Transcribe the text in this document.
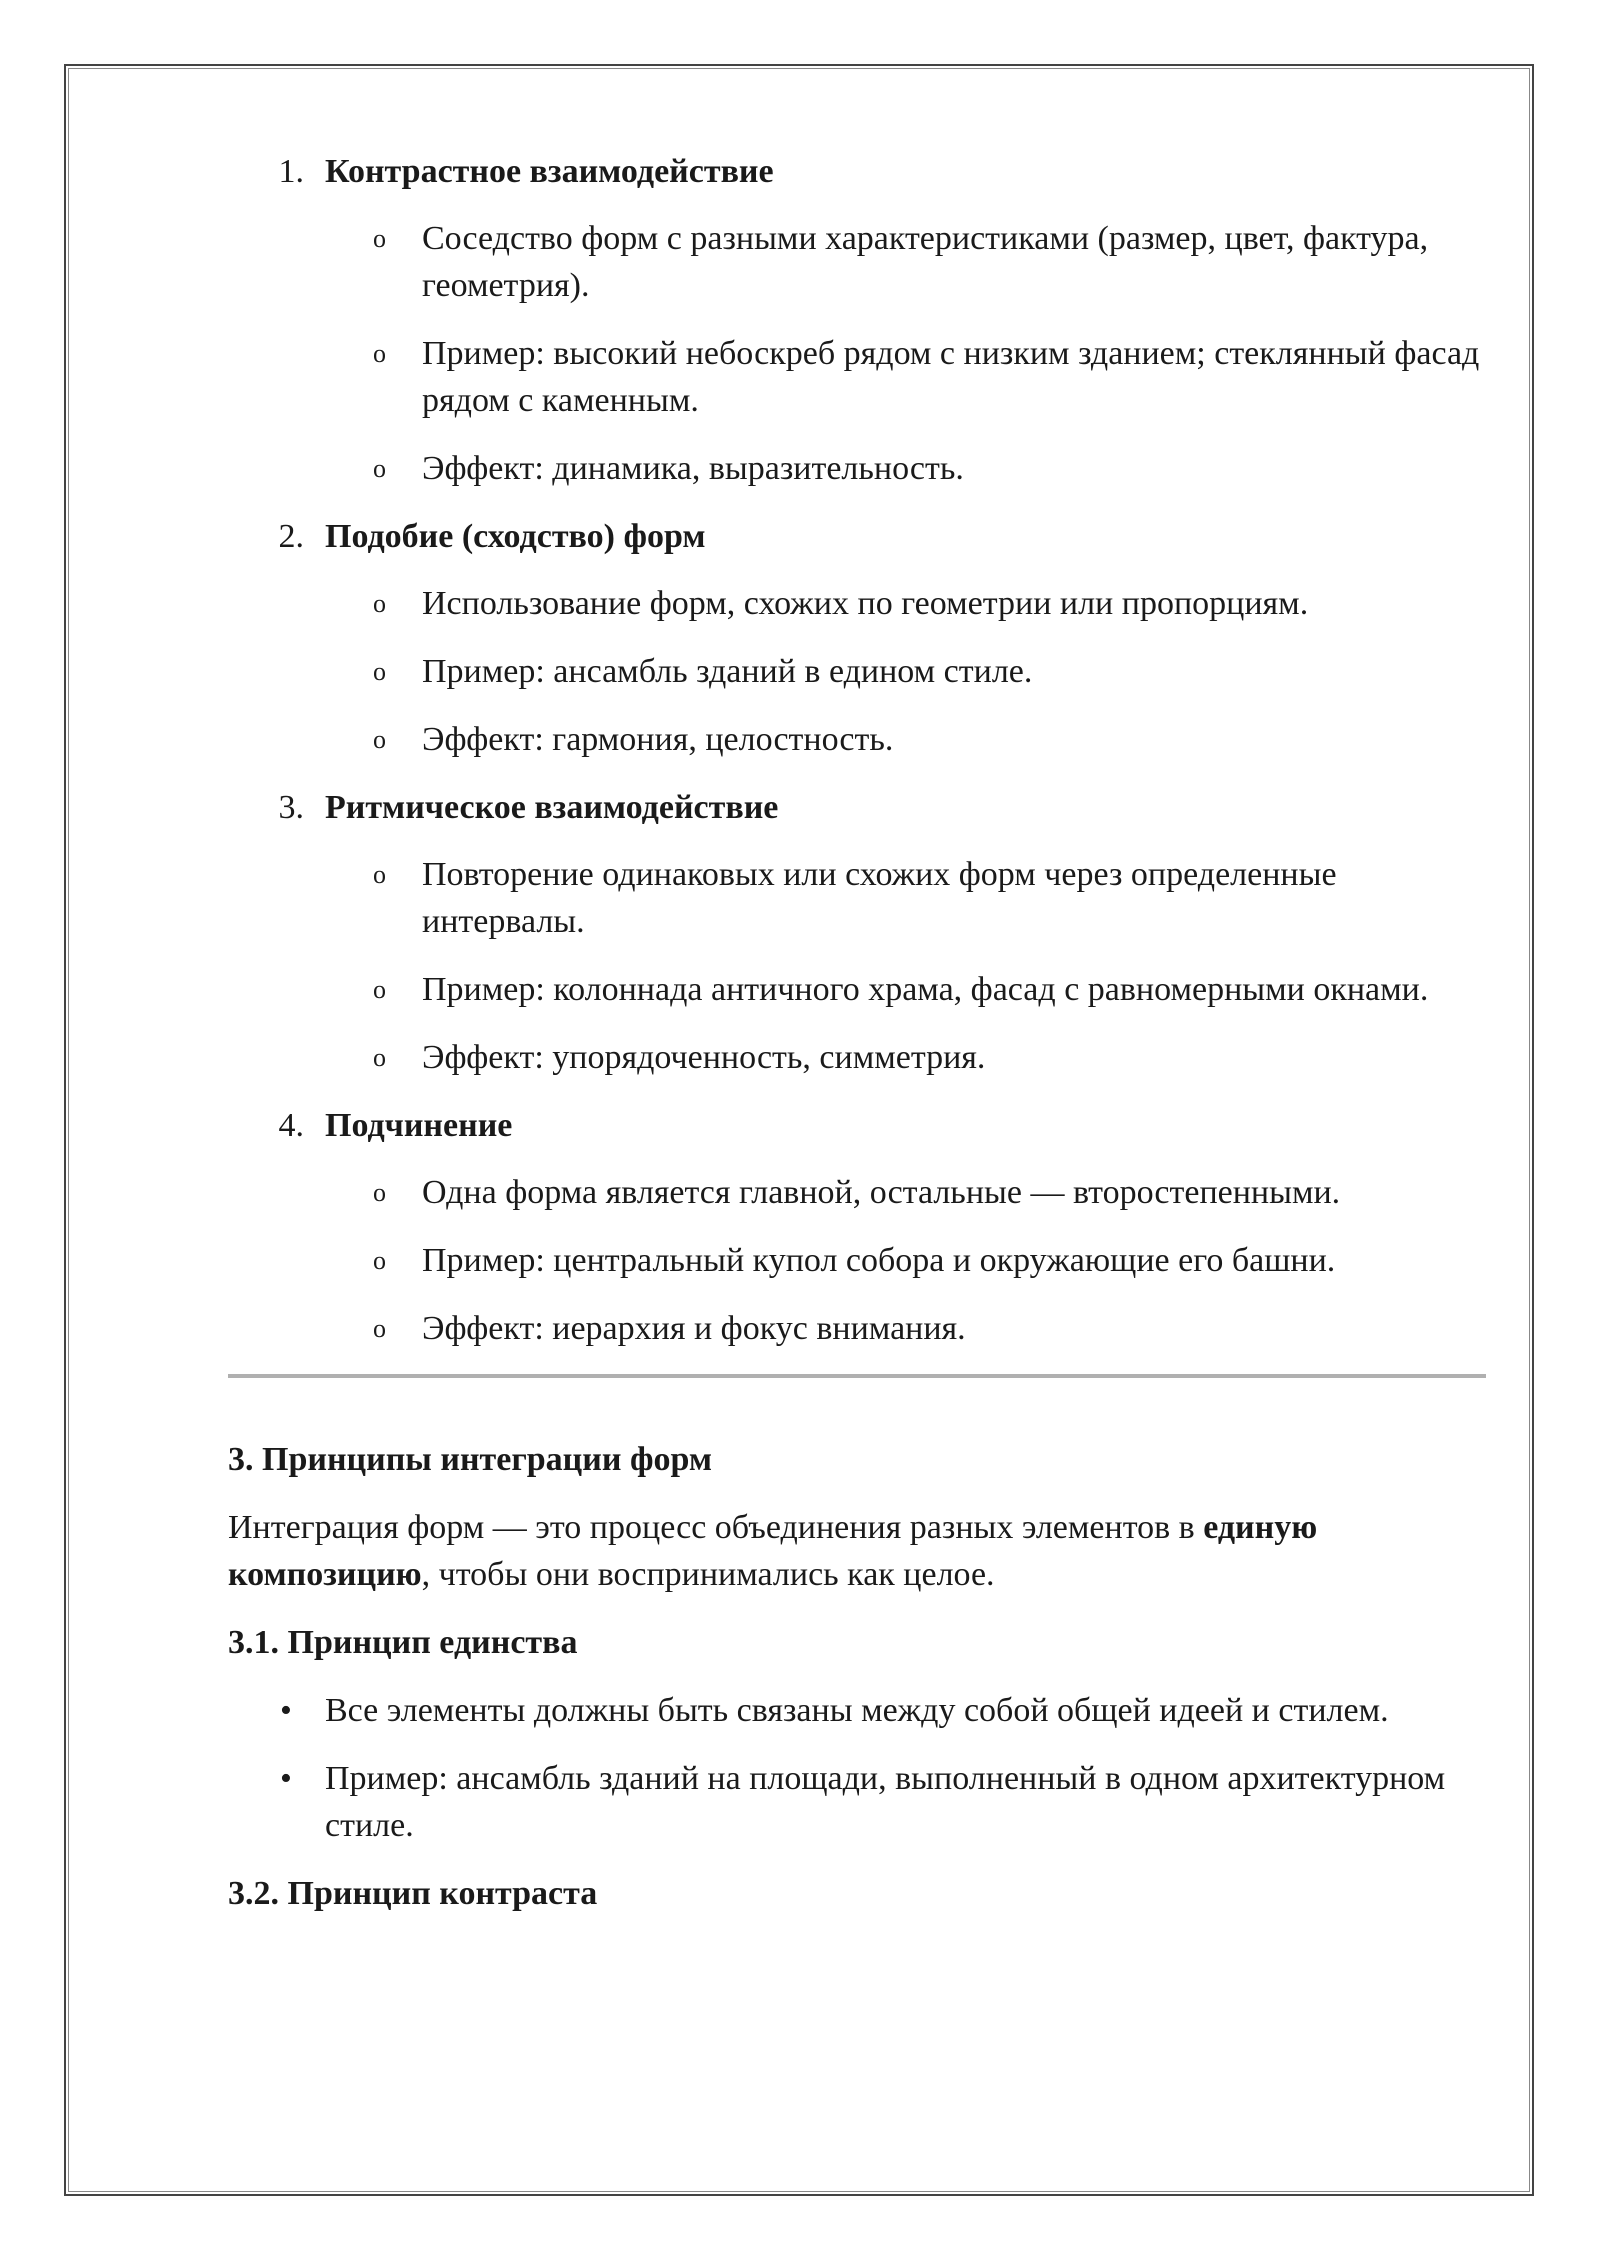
1. Контрастное взаимодействие
o Соседство форм с разными характеристиками (размер, цвет, фактура, геометрия).
o Пример: высокий небоскреб рядом с низким зданием; стеклянный фасад рядом с каменным.
o Эффект: динамика, выразительность.
2. Подобие (сходство) форм
o Использование форм, схожих по геометрии или пропорциям.
o Пример: ансамбль зданий в едином стиле.
o Эффект: гармония, целостность.
3. Ритмическое взаимодействие
o Повторение одинаковых или схожих форм через определенные интервалы.
o Пример: колоннада античного храма, фасад с равномерными окнами.
o Эффект: упорядоченность, симметрия.
4. Подчинение
o Одна форма является главной, остальные — второстепенными.
o Пример: центральный купол собора и окружающие его башни.
o Эффект: иерархия и фокус внимания.

3. Принципы интеграции форм

Интеграция форм — это процесс объединения разных элементов в единую композицию, чтобы они воспринимались как целое.

3.1. Принцип единства

• Все элементы должны быть связаны между собой общей идеей и стилем.
• Пример: ансамбль зданий на площади, выполненный в одном архитектурном стиле.

3.2. Принцип контраста
